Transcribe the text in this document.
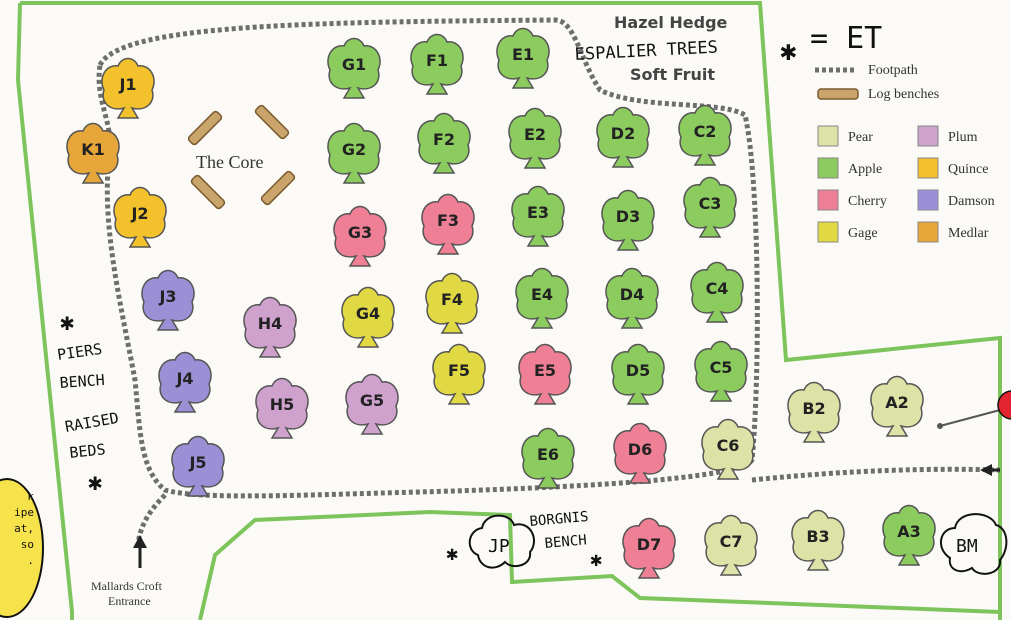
The Core
Hazel Hedge
Soft Fruit
ESPALIER TREES ✱ = ET
Mallards Croft
Entrance
✱
PIERS
BENCH
RAISED
BEDS
✱
BORGNIS
BENCH
✱
✱ JP	BM
Footpath
Log benches
Pear
Apple
Cherry
Gage
Plum
Quince
Damson
Medlar
J1
K1
J2
J3
J4
J5
H4
H5
G1
G2
G3
G4
G5
F1
F2
F3
F4
F5
E1
E2
E3
E4
E5
E6
D2
D3
D4
D5
D6
D7
C2
C3
C4
C5
C6
C7
B2
B3
A2
A3
k
ipe
at,
so
.
